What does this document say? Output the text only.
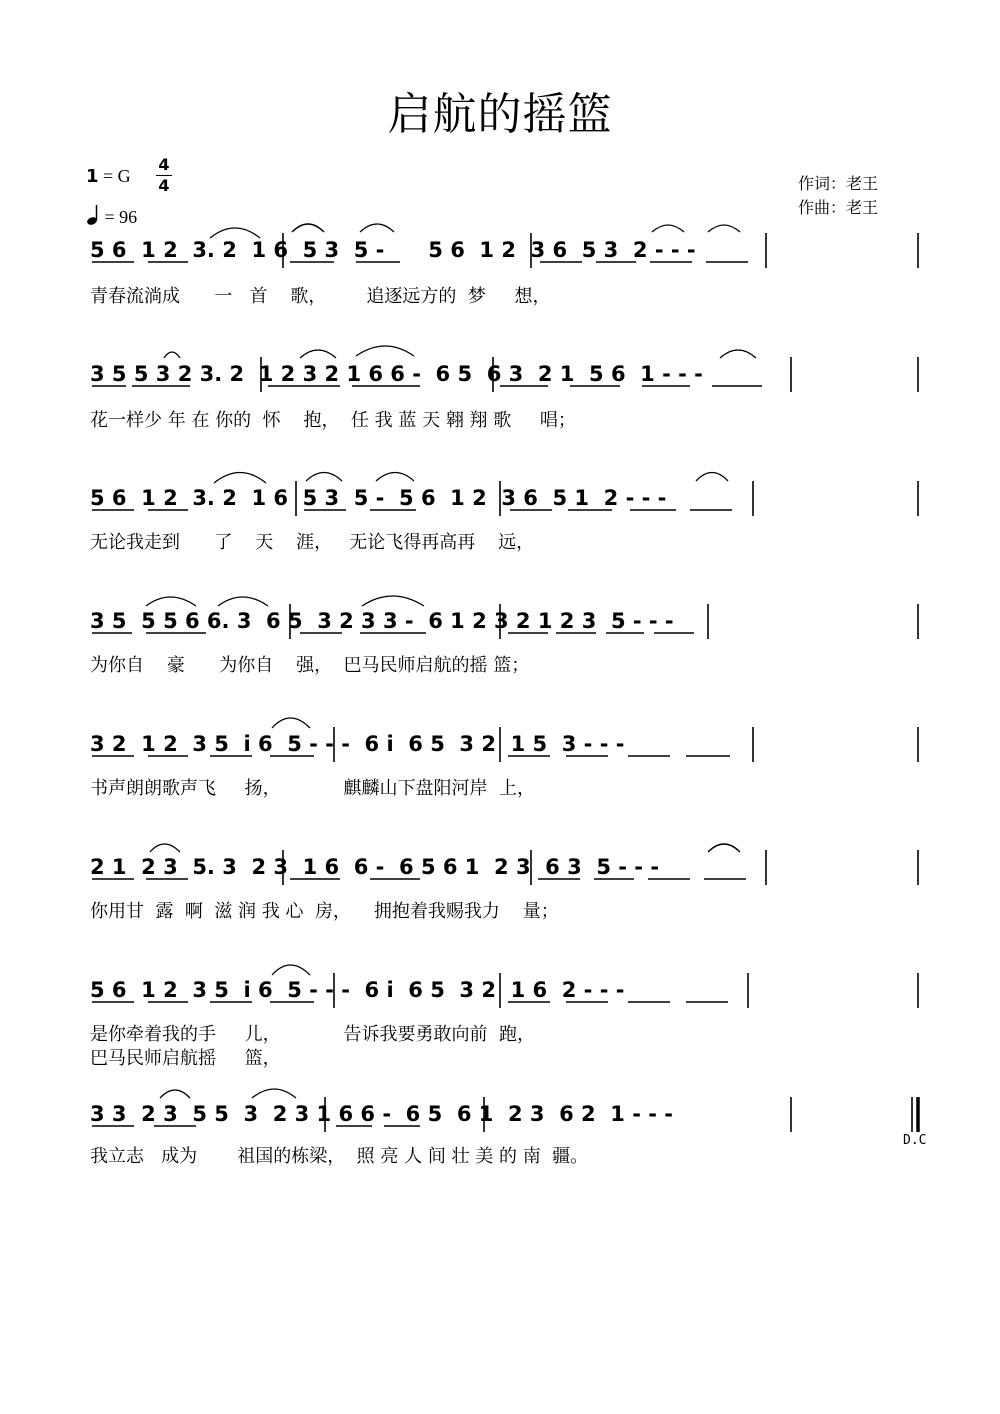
启航的摇篮
1 = G
4
4
= 96
作词：老王
作曲：老王
5 6  1 2  3. 2  1 6  5 3  5 -      5 6  1 2  3 6  5 3  2 - - -
青春流淌成      一   首    歌，       追逐远方的  梦     想，
3 5 5 3 2 3. 2  1 2 3 2 1 6 6 -  6 5  6 3  2 1  5 6  1 - - -
花一样少 年 在 你的  怀    抱，  任 我 蓝 天 翱 翔 歌     唱；
5 6  1 2  3. 2  1 6  5 3  5 -  5 6  1 2  3 6  5 1  2 - - -
无论我走到      了    天    涯，   无论飞得再高再    远，
3 5  5 5 6 6. 3  6 5  3 2 3 3 -  6 1 2 3 2 1 2 3  5 - - -
为你自    豪      为你自    强，  巴马民师启航的摇 篮；
3 2  1 2  3 5  i 6  5 - - -  6 i  6 5  3 2  1 5  3 - - -
书声朗朗歌声飞     扬，           麒麟山下盘阳河岸  上，
2 1  2 3  5. 3  2 3  1 6  6 -  6 5 6 1  2 3  6 3  5 - - -
你用甘  露  啊  滋 润 我 心  房，    拥抱着我赐我力    量；
5 6  1 2  3 5  i 6  5 - - -  6 i  6 5  3 2  1 6  2 - - -
是你牵着我的手     儿，           告诉我要勇敢向前  跑，
巴马民师启航摇     篮，
3 3  2 3  5 5  3  2 3 1 6 6 -  6 5  6 1  2 3  6 2  1 - - -
我立志   成为       祖国的栋梁，  照 亮 人 间 壮 美 的 南  疆。
D.C
